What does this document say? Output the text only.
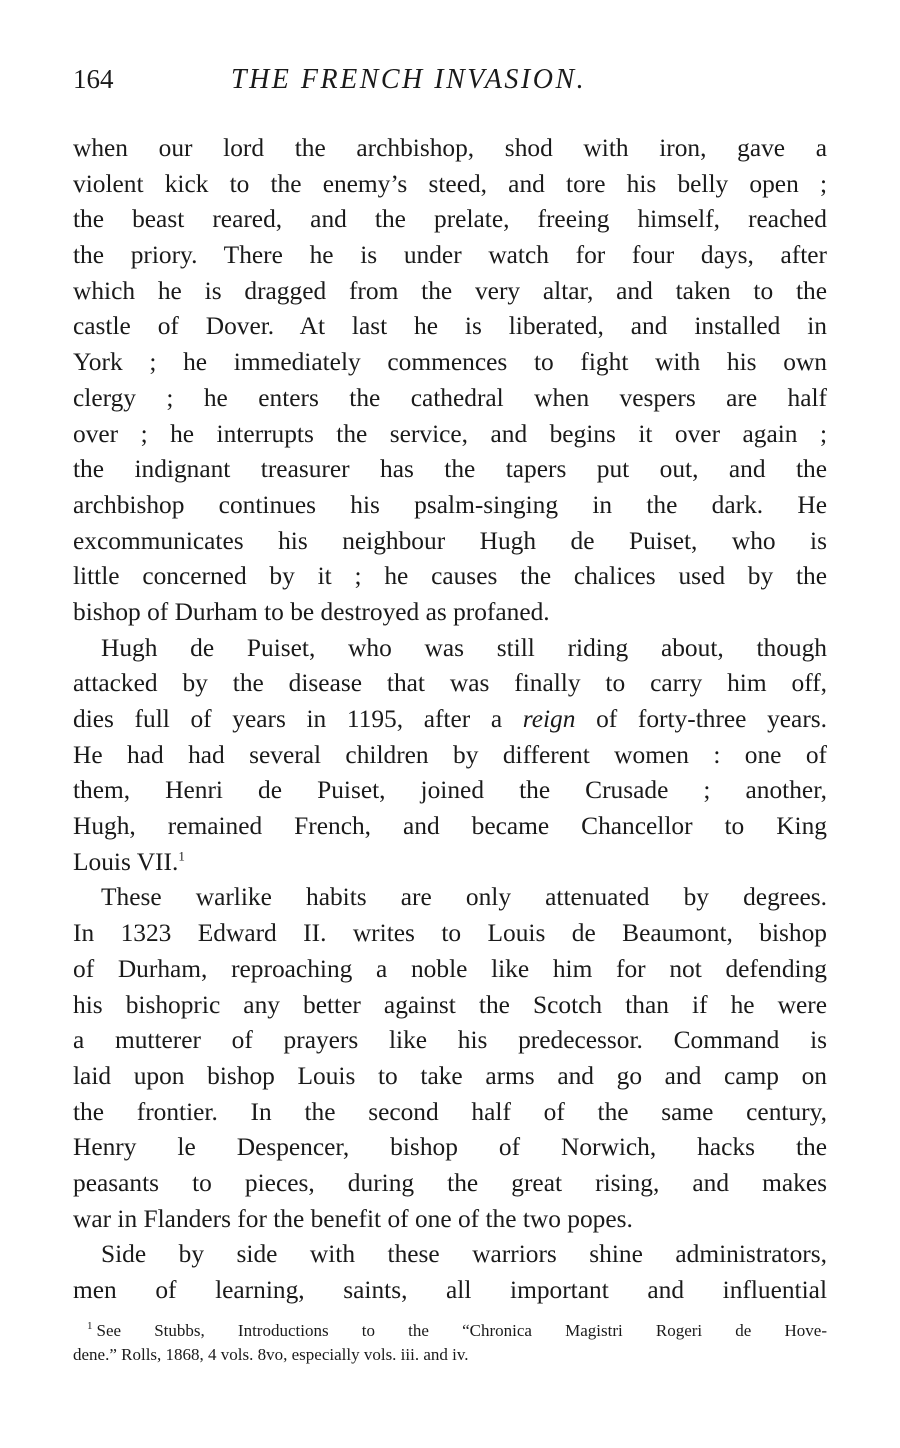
164	THE FRENCH INVASION.
when our lord the archbishop, shod with iron, gave a
violent kick to the enemy’s steed, and tore his belly open ;
the beast reared, and the prelate, freeing himself, reached
the priory. There he is under watch for four days, after
which he is dragged from the very altar, and taken to the
castle of Dover. At last he is liberated, and installed in
York ; he immediately commences to fight with his own
clergy ; he enters the cathedral when vespers are half
over ; he interrupts the service, and begins it over again ;
the indignant treasurer has the tapers put out, and the
archbishop continues his psalm-singing in the dark. He
excommunicates his neighbour Hugh de Puiset, who is
little concerned by it ; he causes the chalices used by the
bishop of Durham to be destroyed as profaned.
Hugh de Puiset, who was still riding about, though
attacked by the disease that was finally to carry him off,
dies full of years in 1195, after a reign of forty-three years.
He had had several children by different women : one of
them, Henri de Puiset, joined the Crusade ; another,
Hugh, remained French, and became Chancellor to King
Louis VII.$^1$
These warlike habits are only attenuated by degrees.
In 1323 Edward II. writes to Louis de Beaumont, bishop
of Durham, reproaching a noble like him for not defending
his bishopric any better against the Scotch than if he were
a mutterer of prayers like his predecessor. Command is
laid upon bishop Louis to take arms and go and camp on
the frontier. In the second half of the same century,
Henry le Despencer, bishop of Norwich, hacks the
peasants to pieces, during the great rising, and makes
war in Flanders for the benefit of one of the two popes.
Side by side with these warriors shine administrators,
men of learning, saints, all important and influential
$^1$ See Stubbs, Introductions to the “Chronica Magistri Rogeri de Hove-
dene.” Rolls, 1868, 4 vols. 8vo, especially vols. iii. and iv.
